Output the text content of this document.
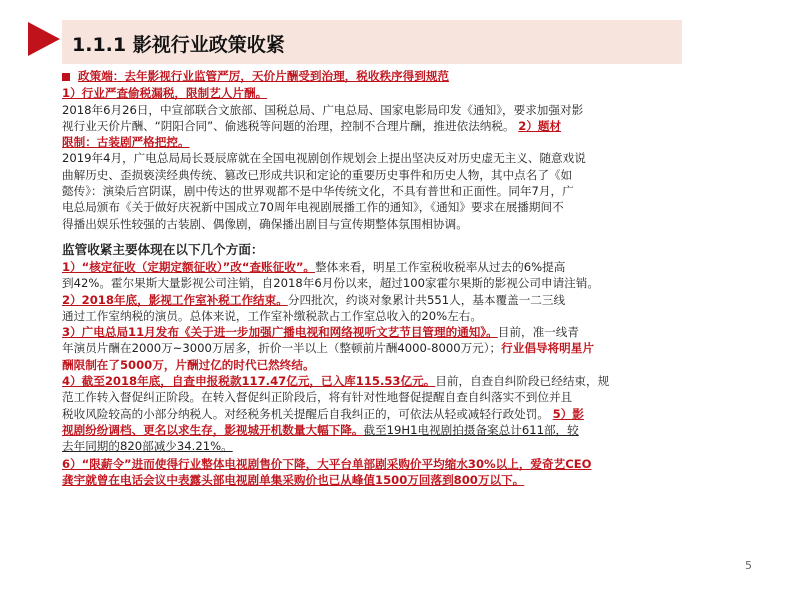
1.1.1 影视行业政策收紧
政策端：去年影视行业监管严厉，天价片酬受到治理，税收秩序得到规范
1）行业严查偷税漏税，限制艺人片酬。
2018年6月26日，中宣部联合文旅部、国税总局、广电总局、国家电影局印发《通知》，要求加强对影
视行业天价片酬、“阴阳合同”、偷逃税等问题的治理，控制不合理片酬，推进依法纳税。 2）题材
限制：古装剧严格把控。
2019年4月，广电总局局长聂辰席就在全国电视剧创作规划会上提出坚决反对历史虚无主义、随意戏说
曲解历史、歪损亵渎经典传统、篡改已形成共识和定论的重要历史事件和历史人物，其中点名了《如
懿传》：演染后宫阴谋，剧中传达的世界观都不是中华传统文化，不具有普世和正面性。同年7月，广
电总局颁布《关于做好庆祝新中国成立70周年电视剧展播工作的通知》，《通知》要求在展播期间不
得播出娱乐性较强的古装剧、偶像剧，确保播出剧目与宣传期整体氛围相协调。
监管收紧主要体现在以下几个方面：
1）“核定征收（定期定额征收）”改“查账征收”。整体来看，明星工作室税收税率从过去的6%提高
到42%。霍尔果斯大量影视公司注销，自2018年6月份以来，超过100家霍尔果斯的影视公司申请注销。
2）2018年底，影视工作室补税工作结束。分四批次，约谈对象累计共551人，基本覆盖一二三线
通过工作室纳税的演员。总体来说，工作室补缴税款占工作室总收入的20%左右。
3）广电总局11月发布《关于进一步加强广播电视和网络视听文艺节目管理的通知》。目前，准一线青
年演员片酬在2000万~3000万居多，折价一半以上（整顿前片酬4000-8000万元）；行业倡导将明星片
酬限制在了5000万，片酬过亿的时代已然终结。
4）截至2018年底，自查申报税款117.47亿元，已入库115.53亿元。目前，自查自纠阶段已经结束，规
范工作转入督促纠正阶段。在转入督促纠正阶段后，将有针对性地督促提醒自查自纠落实不到位并且
税收风险较高的小部分纳税人。对经税务机关提醒后自我纠正的，可依法从轻或减轻行政处罚。 5）影
视剧纷纷调档、更名以求生存，影视城开机数量大幅下降。截至19H1电视剧拍摄备案总计611部，较
去年同期的820部减少34.21%。
6）“限薪令”进而使得行业整体电视剧售价下降，大平台单部剧采购价平均缩水30%以上，爱奇艺CEO
龚宇就曾在电话会议中表露头部电视剧单集采购价也已从峰值1500万回落到800万以下。
5
